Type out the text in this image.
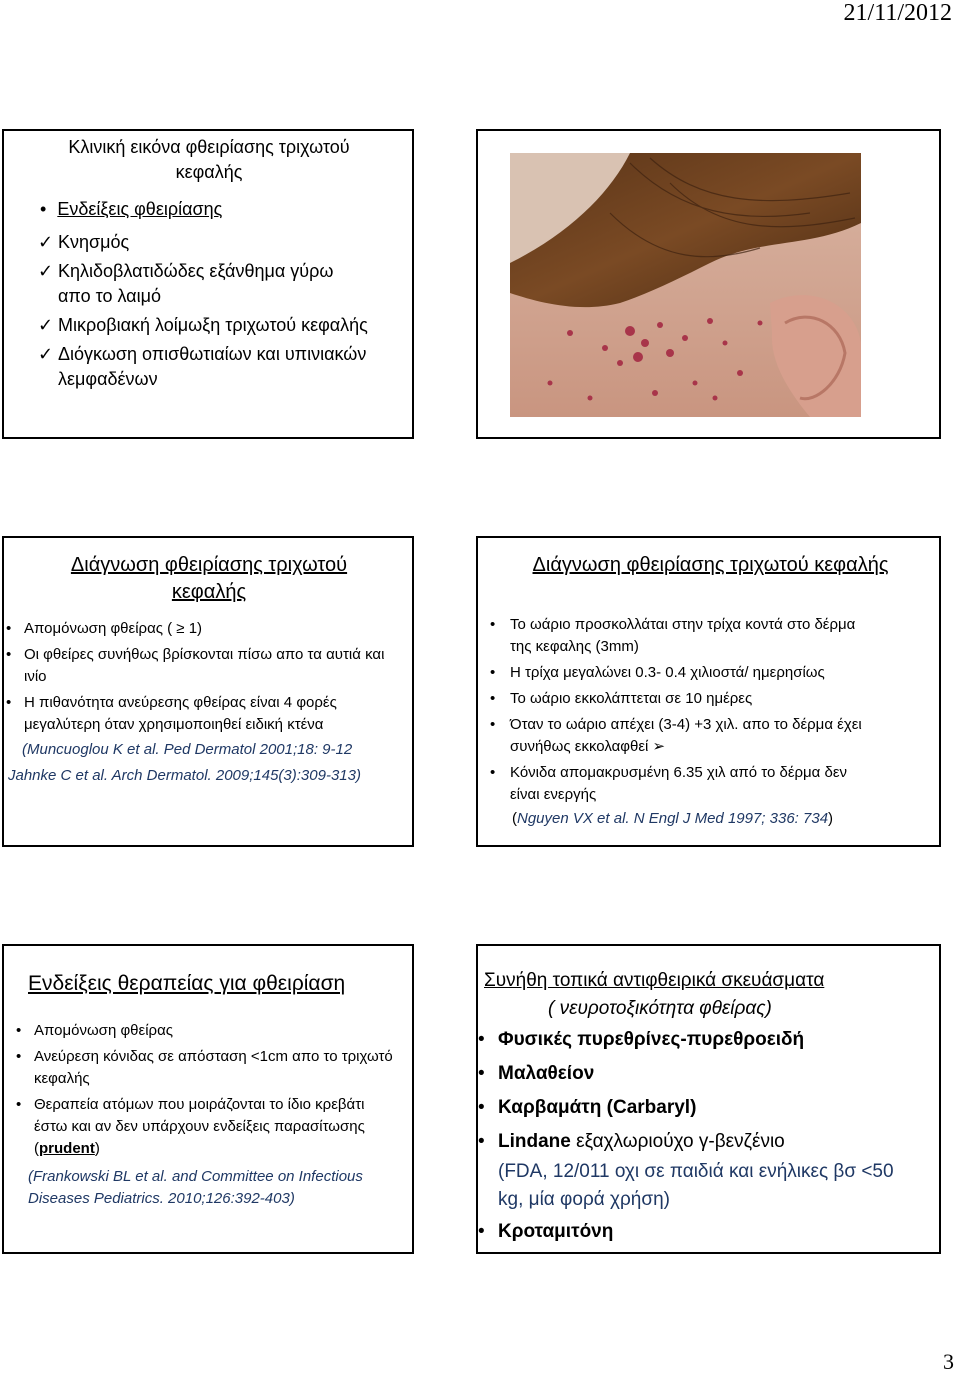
21/11/2012
Κλινική εικόνα φθειρίασης τριχωτού κεφαλής
• Ενδείξεις φθειρίασης
✓ Κνησμός
✓ Κηλιδοβλατιδώδες εξάνθημα γύρω απο το λαιμό
✓ Μικροβιακή λοίμωξη τριχωτού κεφαλής
✓ Διόγκωση οπισθωτιαίων και υπινιακών λεμφαδένων
Διάγνωση φθειρίασης τριχωτού κεφαλής
• Απομόνωση φθείρας ( ≥ 1)
• Οι φθείρες συνήθως βρίσκονται πίσω απο τα αυτιά και ινίο
• Η πιθανότητα ανεύρεσης φθείρας είναι 4 φορές μεγαλύτερη όταν χρησιμοποιηθεί ειδική κτένα
(Muncuoglou K et al. Ped Dermatol 2001;18: 9-12
Jahnke C et al. Arch Dermatol. 2009;145(3):309-313)
Διάγνωση φθειρίασης τριχωτού κεφαλής
• Το ωάριο προσκολλάται στην τρίχα κοντά στο δέρμα της κεφαλης (3mm)
• Η τρίχα μεγαλώνει 0.3- 0.4 χιλιοστά/ ημερησίως
• Το ωάριο εκκολάπτεται σε 10 ημέρες
• Όταν το ωάριο απέχει (3-4) +3 χιλ. απο το δέρμα έχει συνήθως εκκολαφθεί ➢
• Κόνιδα απομακρυσμένη 6.35 χιλ από το δέρμα δεν είναι ενεργής
(Nguyen VX et al. N Engl J Med 1997; 336: 734)
Ενδείξεις θεραπείας για φθειρίαση
• Απομόνωση φθείρας
• Ανεύρεση κόνιδας σε απόσταση <1cm απο το τριχωτό κεφαλής
• Θεραπεία ατόμων που μοιράζονται το ίδιο κρεβάτι έστω και αν δεν υπάρχουν ενδείξεις παρασίτωσης (prudent)
(Frankowski BL et al. and Committee on Infectious Diseases Pediatrics. 2010;126:392-403)
Συνήθη τοπικά αντιφθειρικά σκευάσματα
( νευροτοξικότητα φθείρας)
• Φυσικές πυρεθρίνες-πυρεθροειδή
• Μαλαθείον
• Καρβαμάτη (Carbaryl)
• Lindane εξαχλωριούχο γ-βενζένιο
(FDA, 12/011 οχι σε παιδιά και ενήλικες βσ <50 kg, μία φορά χρήση)
• Κροταμιτόνη
3
